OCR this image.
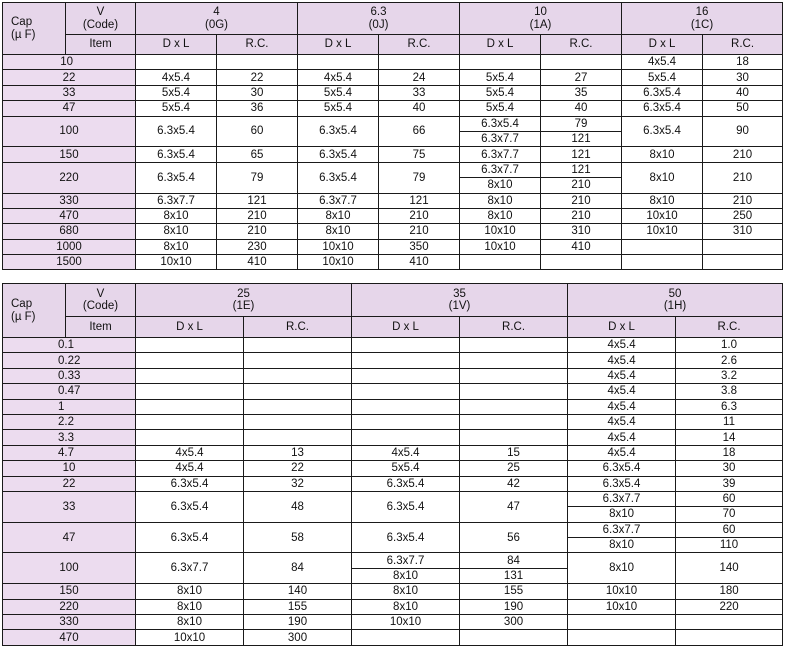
Cap
(µ F)	V
(Code)	4
(0G)		6.3
(0J)		10
(1A)		16
(1C)	

	Item	D x L	R.C.	D x L	R.C.	D x L	R.C.	D x L	R.C.
10								4x5.4	18
22		4x5.4	22	4x5.4	24	5x5.4	27	5x5.4	30
33		5x5.4	30	5x5.4	33	5x5.4	35	6.3x5.4	40
47		5x5.4	36	5x5.4	40	5x5.4	40	6.3x5.4	50
100		6.3x5.4	60	6.3x5.4	66	6.3x5.4	79	6.3x5.4	90
						6.3x7.7	121		
150		6.3x5.4	65	6.3x5.4	75	6.3x7.7	121	8x10	210
220		6.3x5.4	79	6.3x5.4	79	6.3x7.7	121	8x10	210
						8x10	210		
330		6.3x7.7	121	6.3x7.7	121	8x10	210	8x10	210
470		8x10	210	8x10	210	8x10	210	10x10	250
680		8x10	210	8x10	210	10x10	310	10x10	310
1000		8x10	230	10x10	350	10x10	410		
1500		10x10	410	10x10	410				
Cap
(µ F)	V
(Code)	25
(1E)		35
(1V)		50
(1H)	

	Item	D x L	R.C.	D x L	R.C.	D x L	R.C.
0.1						4x5.4	1.0
0.22						4x5.4	2.6
0.33						4x5.4	3.2
0.47						4x5.4	3.8
1						4x5.4	6.3
2.2						4x5.4	11
3.3						4x5.4	14
4.7		4x5.4	13	4x5.4	15	4x5.4	18
10		4x5.4	22	5x5.4	25	6.3x5.4	30
22		6.3x5.4	32	6.3x5.4	42	6.3x5.4	39
33		6.3x5.4	48	6.3x5.4	47	6.3x7.7	60
						8x10	70
47		6.3x5.4	58	6.3x5.4	56	6.3x7.7	60
						8x10	110
100		6.3x7.7	84	6.3x7.7	84	8x10	140
				8x10	131		
150		8x10	140	8x10	155	10x10	180
220		8x10	155	8x10	190	10x10	220
330		8x10	190	10x10	300		
470		10x10	300				
